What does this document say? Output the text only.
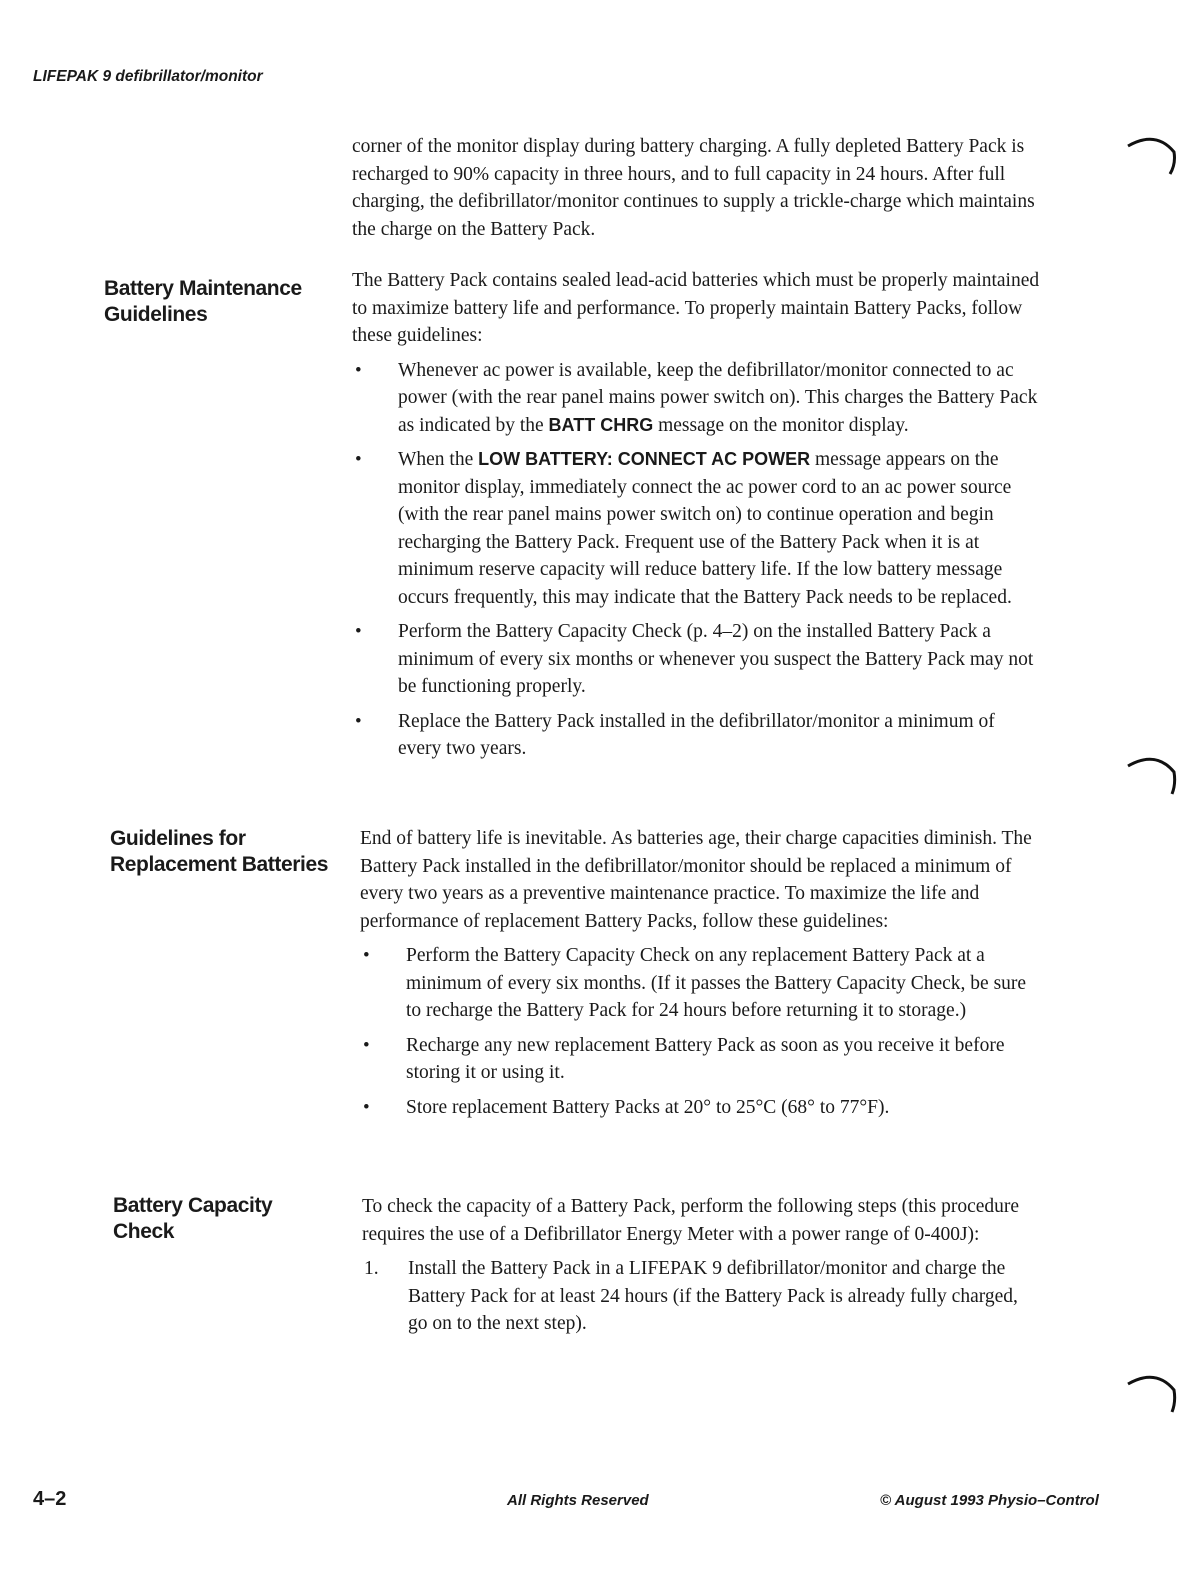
LIFEPAK 9 defibrillator/monitor

corner of the monitor display during battery charging. A fully depleted Battery Pack is recharged to 90% capacity in three hours, and to full capacity in 24 hours. After full charging, the defibrillator/monitor continues to supply a trickle-charge which maintains the charge on the Battery Pack.

Battery Maintenance
Guidelines

The Battery Pack contains sealed lead-acid batteries which must be properly maintained to maximize battery life and performance. To properly maintain Battery Packs, follow these guidelines:

• Whenever ac power is available, keep the defibrillator/monitor connected to ac power (with the rear panel mains power switch on). This charges the Battery Pack as indicated by the BATT CHRG message on the monitor display.
• When the LOW BATTERY: CONNECT AC POWER message appears on the monitor display, immediately connect the ac power cord to an ac power source (with the rear panel mains power switch on) to continue operation and begin recharging the Battery Pack. Frequent use of the Battery Pack when it is at minimum reserve capacity will reduce battery life. If the low battery message occurs frequently, this may indicate that the Battery Pack needs to be replaced.
• Perform the Battery Capacity Check (p. 4–2) on the installed Battery Pack a minimum of every six months or whenever you suspect the Battery Pack may not be functioning properly.
• Replace the Battery Pack installed in the defibrillator/monitor a minimum of every two years.
Guidelines for
Replacement Batteries

End of battery life is inevitable. As batteries age, their charge capacities diminish. The Battery Pack installed in the defibrillator/monitor should be replaced a minimum of every two years as a preventive maintenance practice. To maximize the life and performance of replacement Battery Packs, follow these guidelines:

• Perform the Battery Capacity Check on any replacement Battery Pack at a minimum of every six months. (If it passes the Battery Capacity Check, be sure to recharge the Battery Pack for 24 hours before returning it to storage.)
• Recharge any new replacement Battery Pack as soon as you receive it before storing it or using it.
• Store replacement Battery Packs at 20° to 25°C (68° to 77°F).
Battery Capacity
Check

To check the capacity of a Battery Pack, perform the following steps (this procedure requires the use of a Defibrillator Energy Meter with a power range of 0-400J):

1. Install the Battery Pack in a LIFEPAK 9 defibrillator/monitor and charge the Battery Pack for at least 24 hours (if the Battery Pack is already fully charged, go on to the next step).
4–2	All Rights Reserved	© August 1993 Physio–Control
